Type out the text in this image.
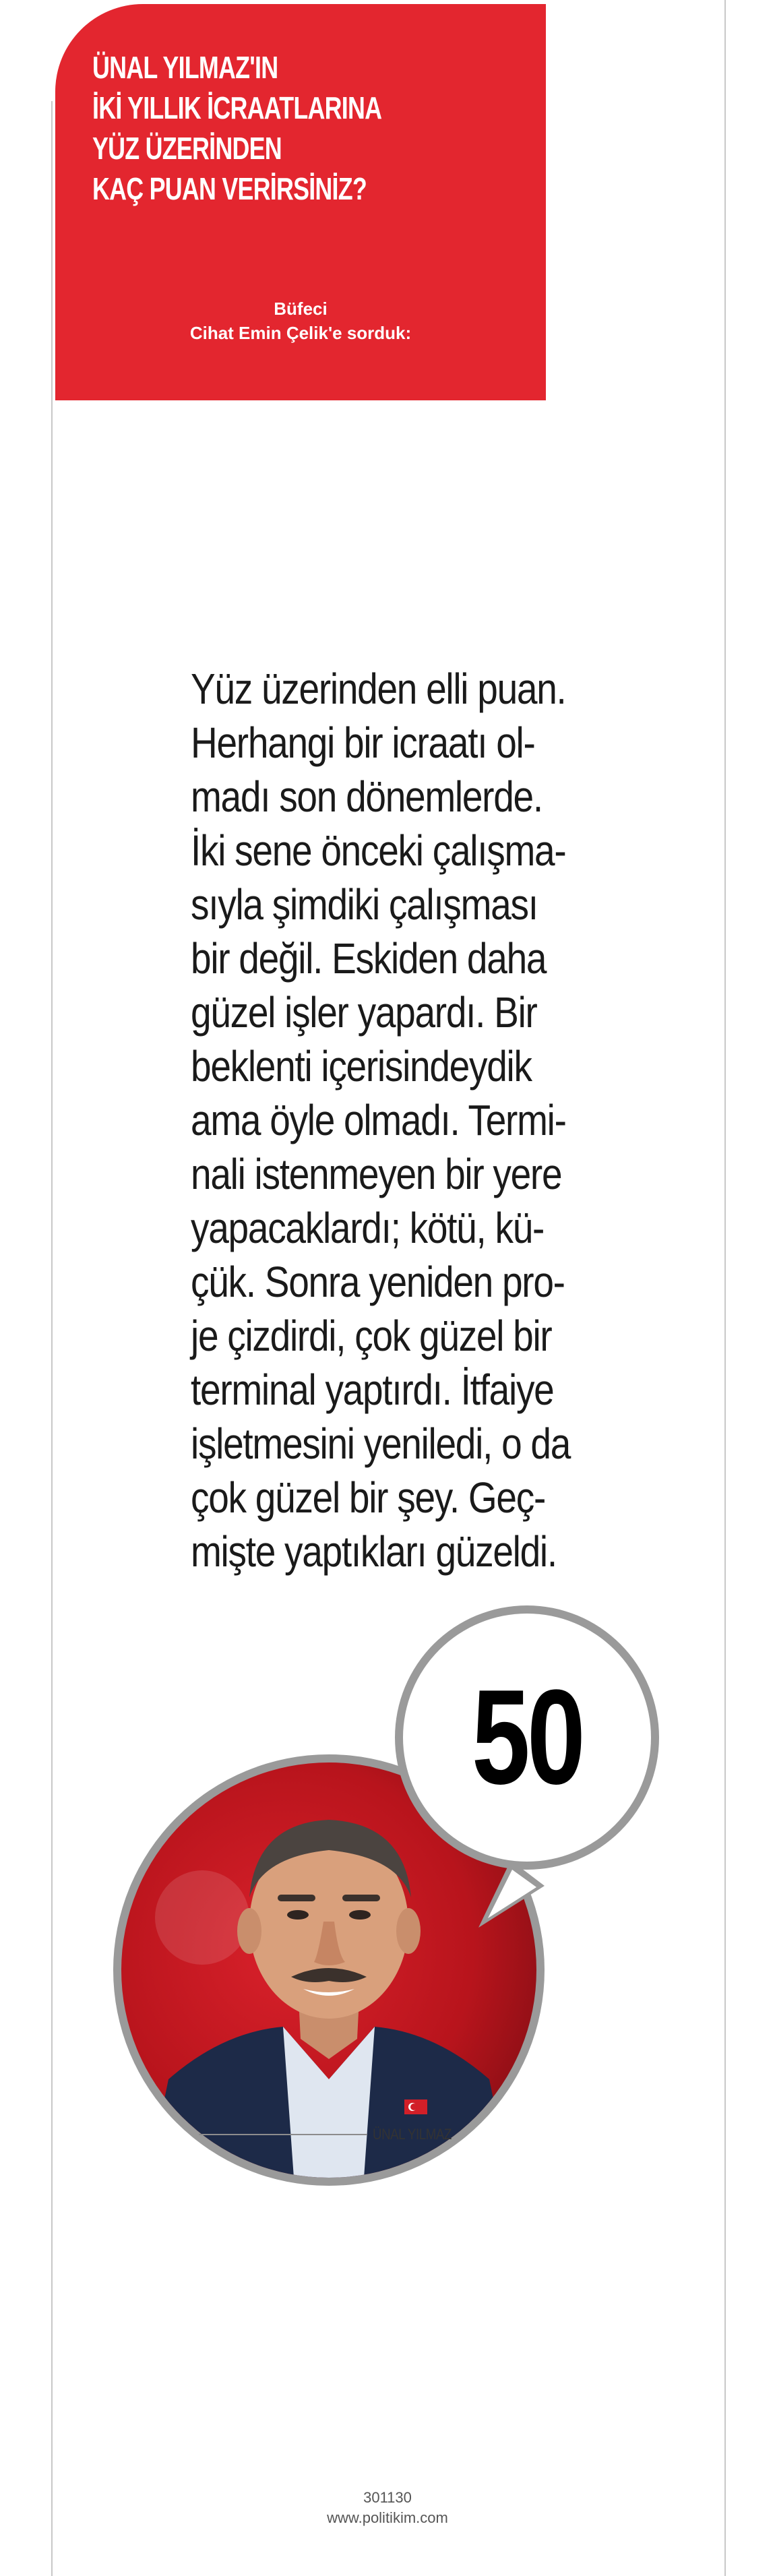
ÜNAL YILMAZ'IN
İKİ YILLIK İCRAATLARINA
YÜZ ÜZERİNDEN
KAÇ PUAN VERİRSİNİZ?
Büfeci
Cihat Emin Çelik'e sorduk:
Yüz üzerinden elli puan.
Herhangi bir icraatı ol-
madı son dönemlerde.
İki sene önceki çalışma-
sıyla şimdiki çalışması
bir değil. Eskiden daha
güzel işler yapardı. Bir
beklenti içerisindeydik
ama öyle olmadı. Termi-
nali istenmeyen bir yere
yapacaklardı; kötü, kü-
çük. Sonra yeniden pro-
je çizdirdi, çok güzel bir
terminal yaptırdı. İtfaiye
işletmesini yeniledi, o da
çok güzel bir şey. Geç-
mişte yaptıkları güzeldi.
50
ÜNAL YILMAZ
301130
www.politikim.com
